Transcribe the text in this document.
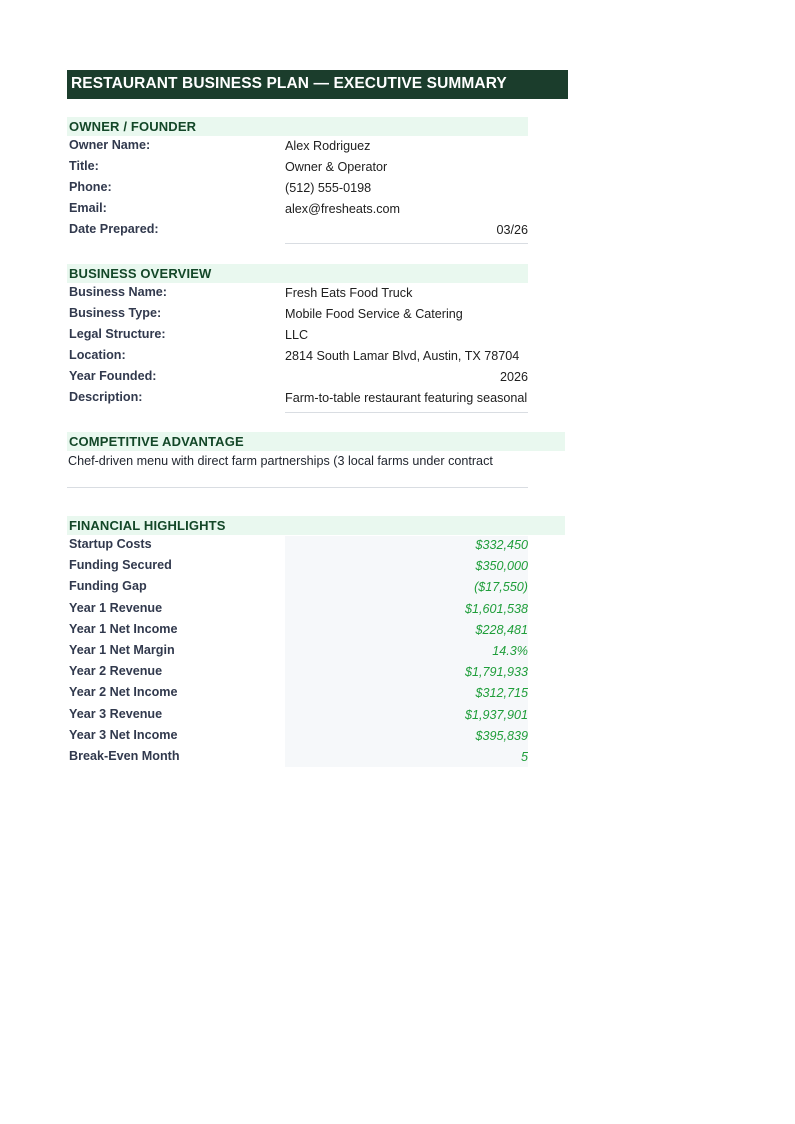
RESTAURANT BUSINESS PLAN — EXECUTIVE SUMMARY
OWNER / FOUNDER
Owner Name:	Alex Rodriguez
Title:	Owner & Operator
Phone:	(512) 555-0198
Email:	alex@fresheats.com
Date Prepared:	03/26
BUSINESS OVERVIEW
Business Name:	Fresh Eats Food Truck
Business Type:	Mobile Food Service & Catering
Legal Structure:	LLC
Location:	2814 South Lamar Blvd, Austin, TX 78704
Year Founded:	2026
Description:	Farm-to-table restaurant featuring seasonal
COMPETITIVE ADVANTAGE
Chef-driven menu with direct farm partnerships (3 local farms under contract
FINANCIAL HIGHLIGHTS
Startup Costs	$332,450
Funding Secured	$350,000
Funding Gap	($17,550)
Year 1 Revenue	$1,601,538
Year 1 Net Income	$228,481
Year 1 Net Margin	14.3%
Year 2 Revenue	$1,791,933
Year 2 Net Income	$312,715
Year 3 Revenue	$1,937,901
Year 3 Net Income	$395,839
Break-Even Month	5
